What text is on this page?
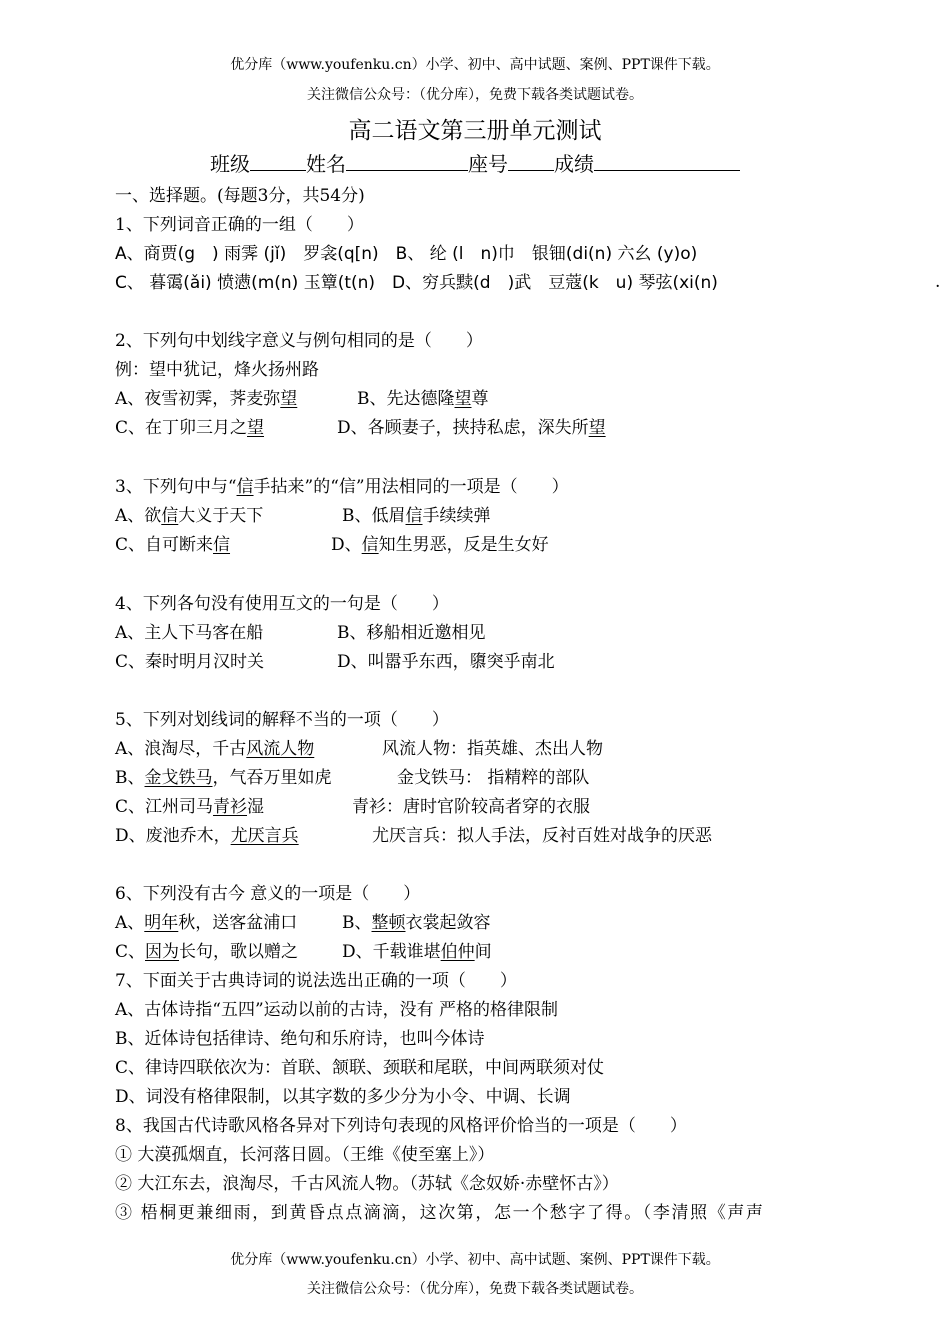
优分库（www.youfenku.cn）小学、初中、高中试题、案例、PPT课件下载。
关注微信公众号：（优分库），免费下载各类试题试卷。
高二语文第三册单元测试
班级	姓名	座号 成绩
一、选择题。(每题3分，共54分)
1、下列词音正确的一组（　　）
A、商贾(g　) 雨霁 (jǐ)　罗衾(q[n)　B、 纶 (l　n)巾　银钿(di(n) 六幺 (y)o)
C、 暮霭(ǎi) 愤懑(m(n) 玉簟(t(n)　D、穷兵黩(d　)武　豆蔻(k　u) 琴弦(xi(n)	.
2、下列句中划线字意义与例句相同的是（　　）
例：望中犹记，烽火扬州路
A、夜雪初霁，荠麦弥望	B、先达德隆望尊
C、在丁卯三月之望	D、各顾妻子，挟持私虑，深失所望
3、下列句中与“信手拈来”的“信”用法相同的一项是（　　）
A、欲信大义于天下	B、低眉信手续续弹
C、自可断来信	D、信知生男恶，反是生女好
4、下列各句没有使用互文的一句是（　　）
A、主人下马客在船	B、移船相近邀相见
C、秦时明月汉时关	D、叫嚣乎东西，隳突乎南北
5、下列对划线词的解释不当的一项（　　）
A、浪淘尽，千古风流人物	风流人物：指英雄、杰出人物
B、金戈铁马，气吞万里如虎	金戈铁马： 指精粹的部队
C、江州司马青衫湿	青衫：唐时官阶较高者穿的衣服
D、废池乔木，尤厌言兵	尤厌言兵：拟人手法，反衬百姓对战争的厌恶
6、下列没有古今 意义的一项是（　　）
A、明年秋，送客盆浦口	B、整顿衣裳起敛容
C、因为长句，歌以赠之	D、千载谁堪伯仲间
7、下面关于古典诗词的说法选出正确的一项（　　）
A、古体诗指“五四”运动以前的古诗，没有 严格的格律限制
B、近体诗包括律诗、绝句和乐府诗，也叫今体诗
C、律诗四联依次为：首联、颔联、颈联和尾联，中间两联须对仗
D、词没有格律限制，以其字数的多少分为小令、中调、长调
8、我国古代诗歌风格各异对下列诗句表现的风格评价恰当的一项是（　　）
① 大漠孤烟直，长河落日圆。（王维《使至塞上》）
② 大江东去，浪淘尽，千古风流人物。（苏轼《念奴娇·赤壁怀古》）
③ 梧桐更兼细雨，到黄昏点点滴滴，这次第，怎一个愁字了得。（李清照《声声
优分库（www.youfenku.cn）小学、初中、高中试题、案例、PPT课件下载。
关注微信公众号：（优分库），免费下载各类试题试卷。
